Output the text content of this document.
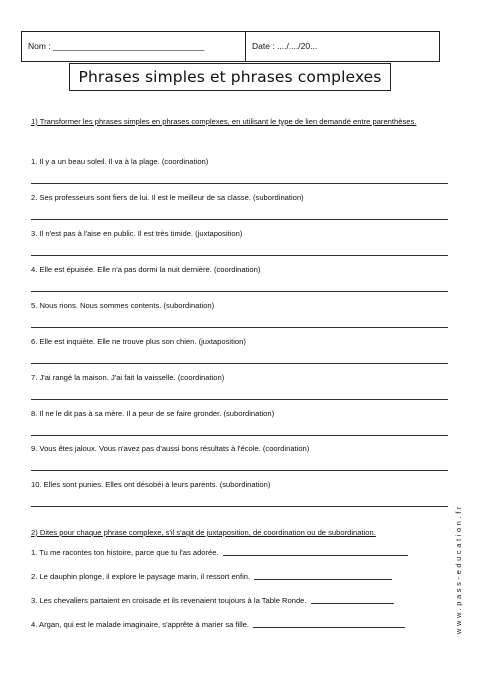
Nom : ________________________________	Date : ..../..../20...
Phrases simples et phrases complexes
1) Transformer les phrases simples en phrases complexes, en utilisant le type de lien demandé entre parenthèses.
1. Il y a un beau soleil. Il va à la plage. (coordination)
2. Ses professeurs sont fiers de lui. Il est le meilleur de sa classe. (subordination)
3. Il n'est pas à l'aise en public. Il est très timide. (juxtaposition)
4. Elle est épuisée. Elle n'a pas dormi la nuit dernière. (coordination)
5. Nous rions. Nous sommes contents. (subordination)
6. Elle est inquiète. Elle ne trouve plus son chien. (juxtaposition)
7. J'ai rangé la maison. J'ai fait la vaisselle. (coordination)
8. Il ne le dit pas à sa mère. Il a peur de se faire gronder. (subordination)
9. Vous êtes jaloux. Vous n'avez pas d'aussi bons résultats à l'école. (coordination)
10. Elles sont punies. Elles ont désobéi à leurs parents. (subordination)
2) Dites pour chaque phrase complexe, s'il s'agit de juxtaposition, de coordination ou de subordination.
1. Tu me racontes ton histoire, parce que tu l'as adorée.
2. Le dauphin plonge, il explore le paysage marin, il ressort enfin.
3. Les chevaliers partaient en croisade et ils revenaient toujours à la Table Ronde.
4. Argan, qui est le malade imaginaire, s'apprête à marier sa fille.	www.pass-education.fr
